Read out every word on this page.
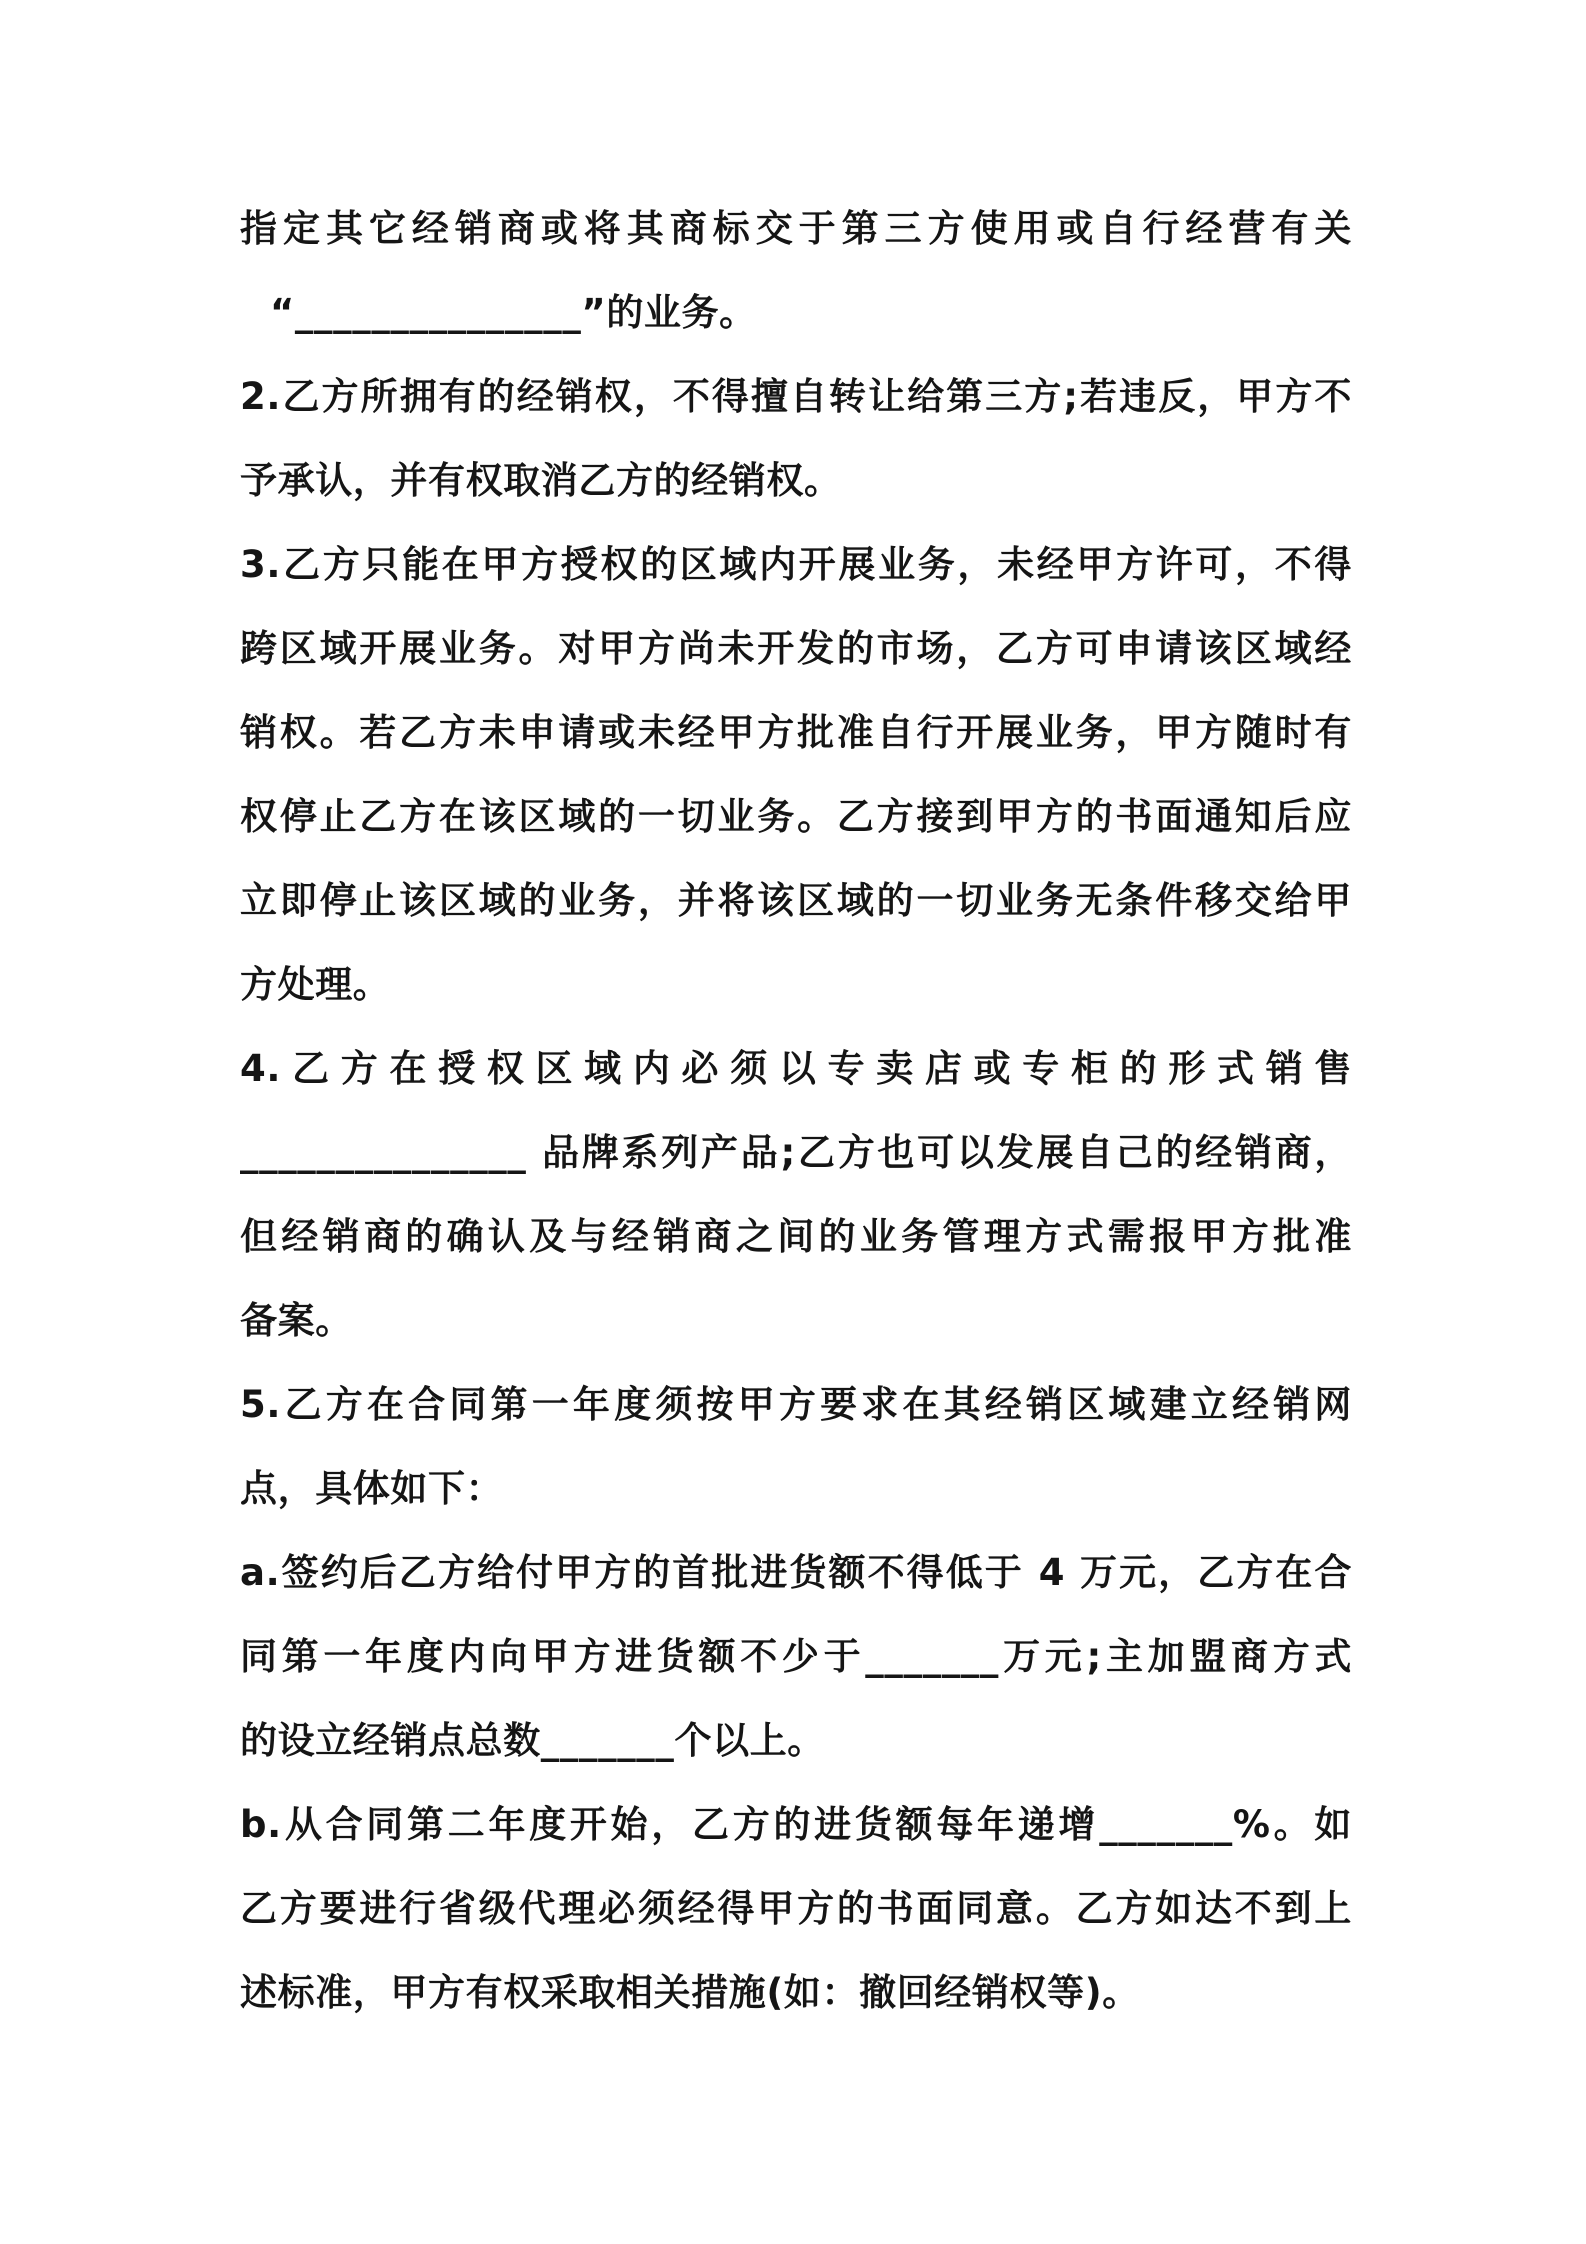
指定其它经销商或将其商标交于第三方使用或自行经营有关
“_______________”的业务。
2.乙方所拥有的经销权，不得擅自转让给第三方;若违反，甲方不
予承认，并有权取消乙方的经销权。
3.乙方只能在甲方授权的区域内开展业务，未经甲方许可，不得
跨区域开展业务。对甲方尚未开发的市场，乙方可申请该区域经
销权。若乙方未申请或未经甲方批准自行开展业务，甲方随时有
权停止乙方在该区域的一切业务。乙方接到甲方的书面通知后应
立即停止该区域的业务，并将该区域的一切业务无条件移交给甲
方处理。
4.乙方在授权区域内必须以专卖店或专柜的形式销售
_______________ 品牌系列产品;乙方也可以发展自己的经销商，
但经销商的确认及与经销商之间的业务管理方式需报甲方批准
备案。
5.乙方在合同第一年度须按甲方要求在其经销区域建立经销网
点，具体如下：
a.签约后乙方给付甲方的首批进货额不得低于 4 万元，乙方在合
同第一年度内向甲方进货额不少于_______万元;主加盟商方式
的设立经销点总数_______个以上。
b.从合同第二年度开始，乙方的进货额每年递增_______%。如
乙方要进行省级代理必须经得甲方的书面同意。乙方如达不到上
述标准，甲方有权采取相关措施(如：撤回经销权等)。
